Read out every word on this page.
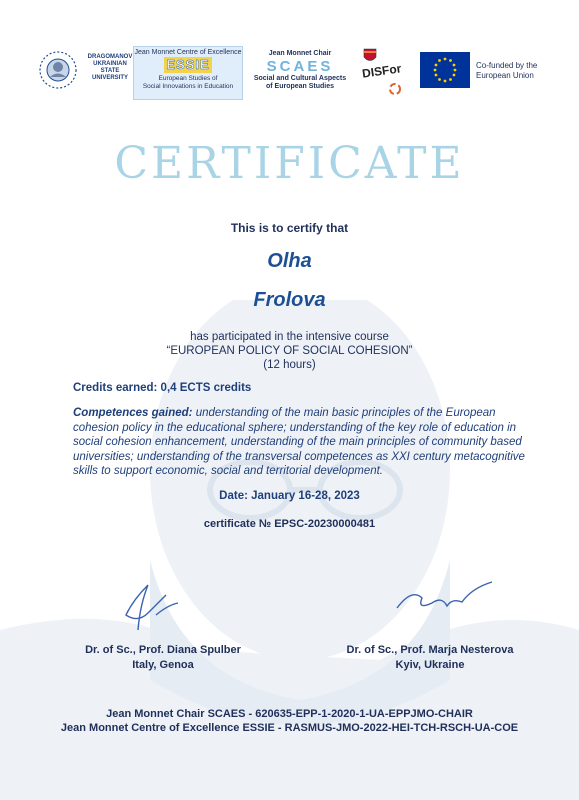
DRAGOMANOV
UKRAINIAN
STATE
UNIVERSITY
Jean Monnet Centre of Excellence
ESSIE
European Studies of
Social Innovations in Education
Jean Monnet Chair
SCAES
Social and Cultural Aspects
of European Studies
DISFor	Co-funded by the
European Union
CERTIFICATE
This is to certify that
Olha
Frolova
has participated in the intensive course
“EUROPEAN POLICY OF SOCIAL COHESION”
(12 hours)
Credits earned: 0,4 ECTS credits
Competences gained: understanding of the main basic principles of the European cohesion policy in the educational sphere; understanding of the key role of education in social cohesion enhancement, understanding of the main principles of community based universities; understanding of the transversal competences as XXI century metacognitive skills to support economic, social and territorial development.
Date: January 16-28, 2023
certificate № EPSC-20230000481
Dr. of Sc., Prof. Diana Spulber
Italy, Genoa
Dr. of Sc., Prof. Marja Nesterova
Kyiv, Ukraine
Jean Monnet Chair SCAES - 620635-EPP-1-2020-1-UA-EPPJMO-CHAIR
Jean Monnet Centre of Excellence ESSIE - RASMUS-JMO-2022-HEI-TCH-RSCH-UA-COE
